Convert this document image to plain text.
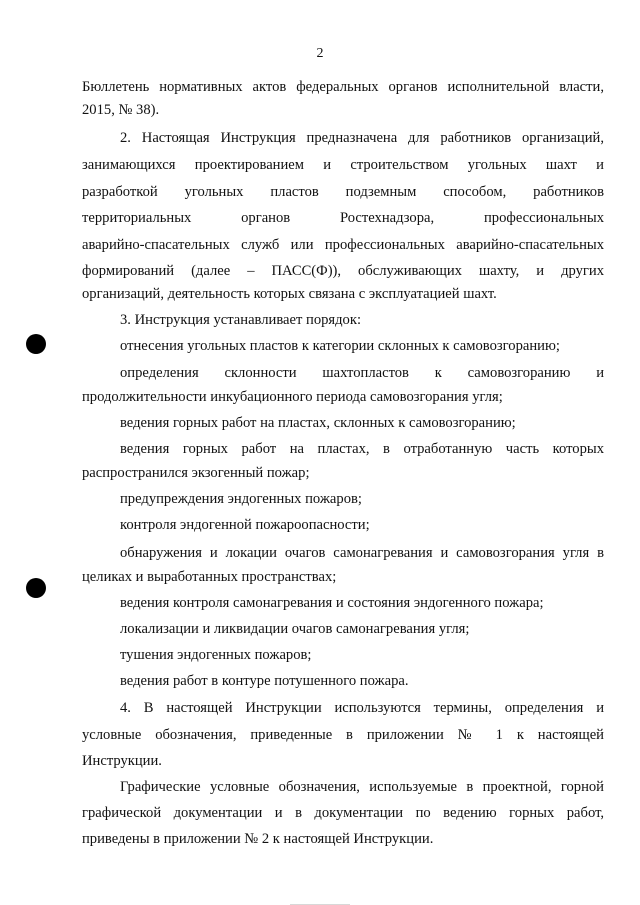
2
Бюллетень нормативных актов федеральных органов исполнительной власти,
2015, № 38).
2. Настоящая Инструкция предназначена для работников организаций,
занимающихся проектированием и строительством угольных шахт и
разработкой угольных пластов подземным способом, работников
территориальных органов Ростехнадзора, профессиональных
аварийно-спасательных служб или профессиональных аварийно-спасательных
формирований (далее – ПАСС(Ф)), обслуживающих шахту, и других
организаций, деятельность которых связана с эксплуатацией шахт.
3. Инструкция устанавливает порядок:
отнесения угольных пластов к категории склонных к самовозгоранию;
определения склонности шахтопластов к самовозгоранию и
продолжительности инкубационного периода самовозгорания угля;
ведения горных работ на пластах, склонных к самовозгоранию;
ведения горных работ на пластах, в отработанную часть которых
распространился экзогенный пожар;
предупреждения эндогенных пожаров;
контроля эндогенной пожароопасности;
обнаружения и локации очагов самонагревания и самовозгорания угля в
целиках и выработанных пространствах;
ведения контроля самонагревания и состояния эндогенного пожара;
локализации и ликвидации очагов самонагревания угля;
тушения эндогенных пожаров;
ведения работ в контуре потушенного пожара.
4. В настоящей Инструкции используются термины, определения и
условные обозначения, приведенные в приложении № 1 к настоящей
Инструкции.
Графические условные обозначения, используемые в проектной, горной
графической документации и в документации по ведению горных работ,
приведены в приложении № 2 к настоящей Инструкции.
